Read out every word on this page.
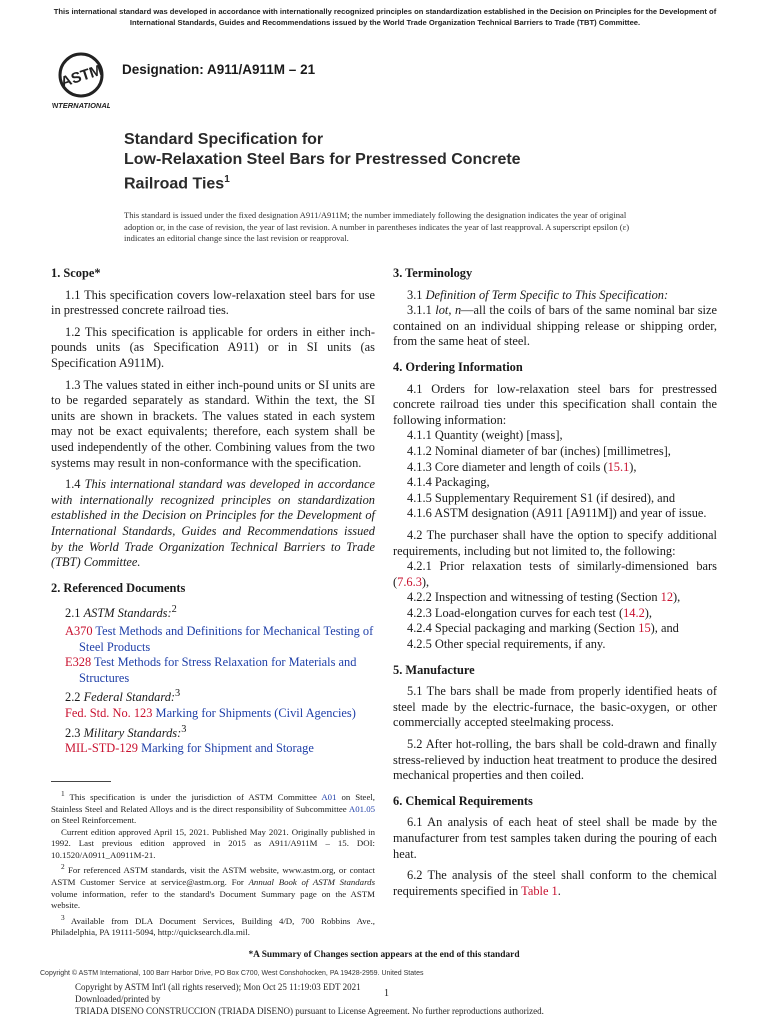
This international standard was developed in accordance with internationally recognized principles on standardization established in the Decision on Principles for the Development of International Standards, Guides and Recommendations issued by the World Trade Organization Technical Barriers to Trade (TBT) Committee.
ASTM
INTERNATIONAL
Designation: A911/A911M – 21
Standard Specification for
Low-Relaxation Steel Bars for Prestressed Concrete
Railroad Ties$^1$
This standard is issued under the fixed designation A911/A911M; the number immediately following the designation indicates the year of original adoption or, in the case of revision, the year of last revision. A number in parentheses indicates the year of last reapproval. A superscript epsilon (ε) indicates an editorial change since the last revision or reapproval.
1. Scope*

1.1 This specification covers low-relaxation steel bars for use in prestressed concrete railroad ties.

1.2 This specification is applicable for orders in either inch-pounds units (as Specification A911) or in SI units (as Specification A911M).

1.3 The values stated in either inch-pound units or SI units are to be regarded separately as standard. Within the text, the SI units are shown in brackets. The values stated in each system may not be exact equivalents; therefore, each system shall be used independently of the other. Combining values from the two systems may result in non-conformance with the specification.

1.4 This international standard was developed in accordance with internationally recognized principles on standardization established in the Decision on Principles for the Development of International Standards, Guides and Recommendations issued by the World Trade Organization Technical Barriers to Trade (TBT) Committee.

2. Referenced Documents

2.1 ASTM Standards:$^2$

A370 Test Methods and Definitions for Mechanical Testing of Steel Products
E328 Test Methods for Stress Relaxation for Materials and Structures

2.2 Federal Standard:$^3$

Fed. Std. No. 123 Marking for Shipments (Civil Agencies)

2.3 Military Standards:$^3$

MIL-STD-129 Marking for Shipment and Storage

$^1$ This specification is under the jurisdiction of ASTM Committee A01 on Steel, Stainless Steel and Related Alloys and is the direct responsibility of Subcommittee A01.05 on Steel Reinforcement.

Current edition approved April 15, 2021. Published May 2021. Originally published in 1992. Last previous edition approved in 2015 as A911/A911M – 15. DOI: 10.1520/A0911_A0911M-21.

$^2$ For referenced ASTM standards, visit the ASTM website, www.astm.org, or contact ASTM Customer Service at service@astm.org. For Annual Book of ASTM Standards volume information, refer to the standard's Document Summary page on the ASTM website.

$^3$ Available from DLA Document Services, Building 4/D, 700 Robbins Ave., Philadelphia, PA 19111-5094, http://quicksearch.dla.mil.

3. Terminology

3.1 Definition of Term Specific to This Specification:

3.1.1 lot, n—all the coils of bars of the same nominal bar size contained on an individual shipping release or shipping order, from the same heat of steel.

4. Ordering Information

4.1 Orders for low-relaxation steel bars for prestressed concrete railroad ties under this specification shall contain the following information:

4.1.1 Quantity (weight) [mass],

4.1.2 Nominal diameter of bar (inches) [millimetres],

4.1.3 Core diameter and length of coils (15.1),

4.1.4 Packaging,

4.1.5 Supplementary Requirement S1 (if desired), and

4.1.6 ASTM designation (A911 [A911M]) and year of issue.

4.2 The purchaser shall have the option to specify additional requirements, including but not limited to, the following:

4.2.1 Prior relaxation tests of similarly-dimensioned bars (7.6.3),

4.2.2 Inspection and witnessing of testing (Section 12),

4.2.3 Load-elongation curves for each test (14.2),

4.2.4 Special packaging and marking (Section 15), and

4.2.5 Other special requirements, if any.

5. Manufacture

5.1 The bars shall be made from properly identified heats of steel made by the electric-furnace, the basic-oxygen, or other commercially accepted steelmaking process.

5.2 After hot-rolling, the bars shall be cold-drawn and finally stress-relieved by induction heat treatment to produce the desired mechanical properties and then coiled.

6. Chemical Requirements

6.1 An analysis of each heat of steel shall be made by the manufacturer from test samples taken during the pouring of each heat.

6.2 The analysis of the steel shall conform to the chemical requirements specified in Table 1.

*A Summary of Changes section appears at the end of this standard
Copyright © ASTM International, 100 Barr Harbor Drive, PO Box C700, West Conshohocken, PA 19428-2959. United States
Copyright by ASTM Int'l (all rights reserved); Mon Oct 25 11:19:03 EDT 2021
Downloaded/printed by
TRIADA DISENO CONSTRUCCION (TRIADA DISENO) pursuant to License Agreement. No further reproductions authorized.
1
